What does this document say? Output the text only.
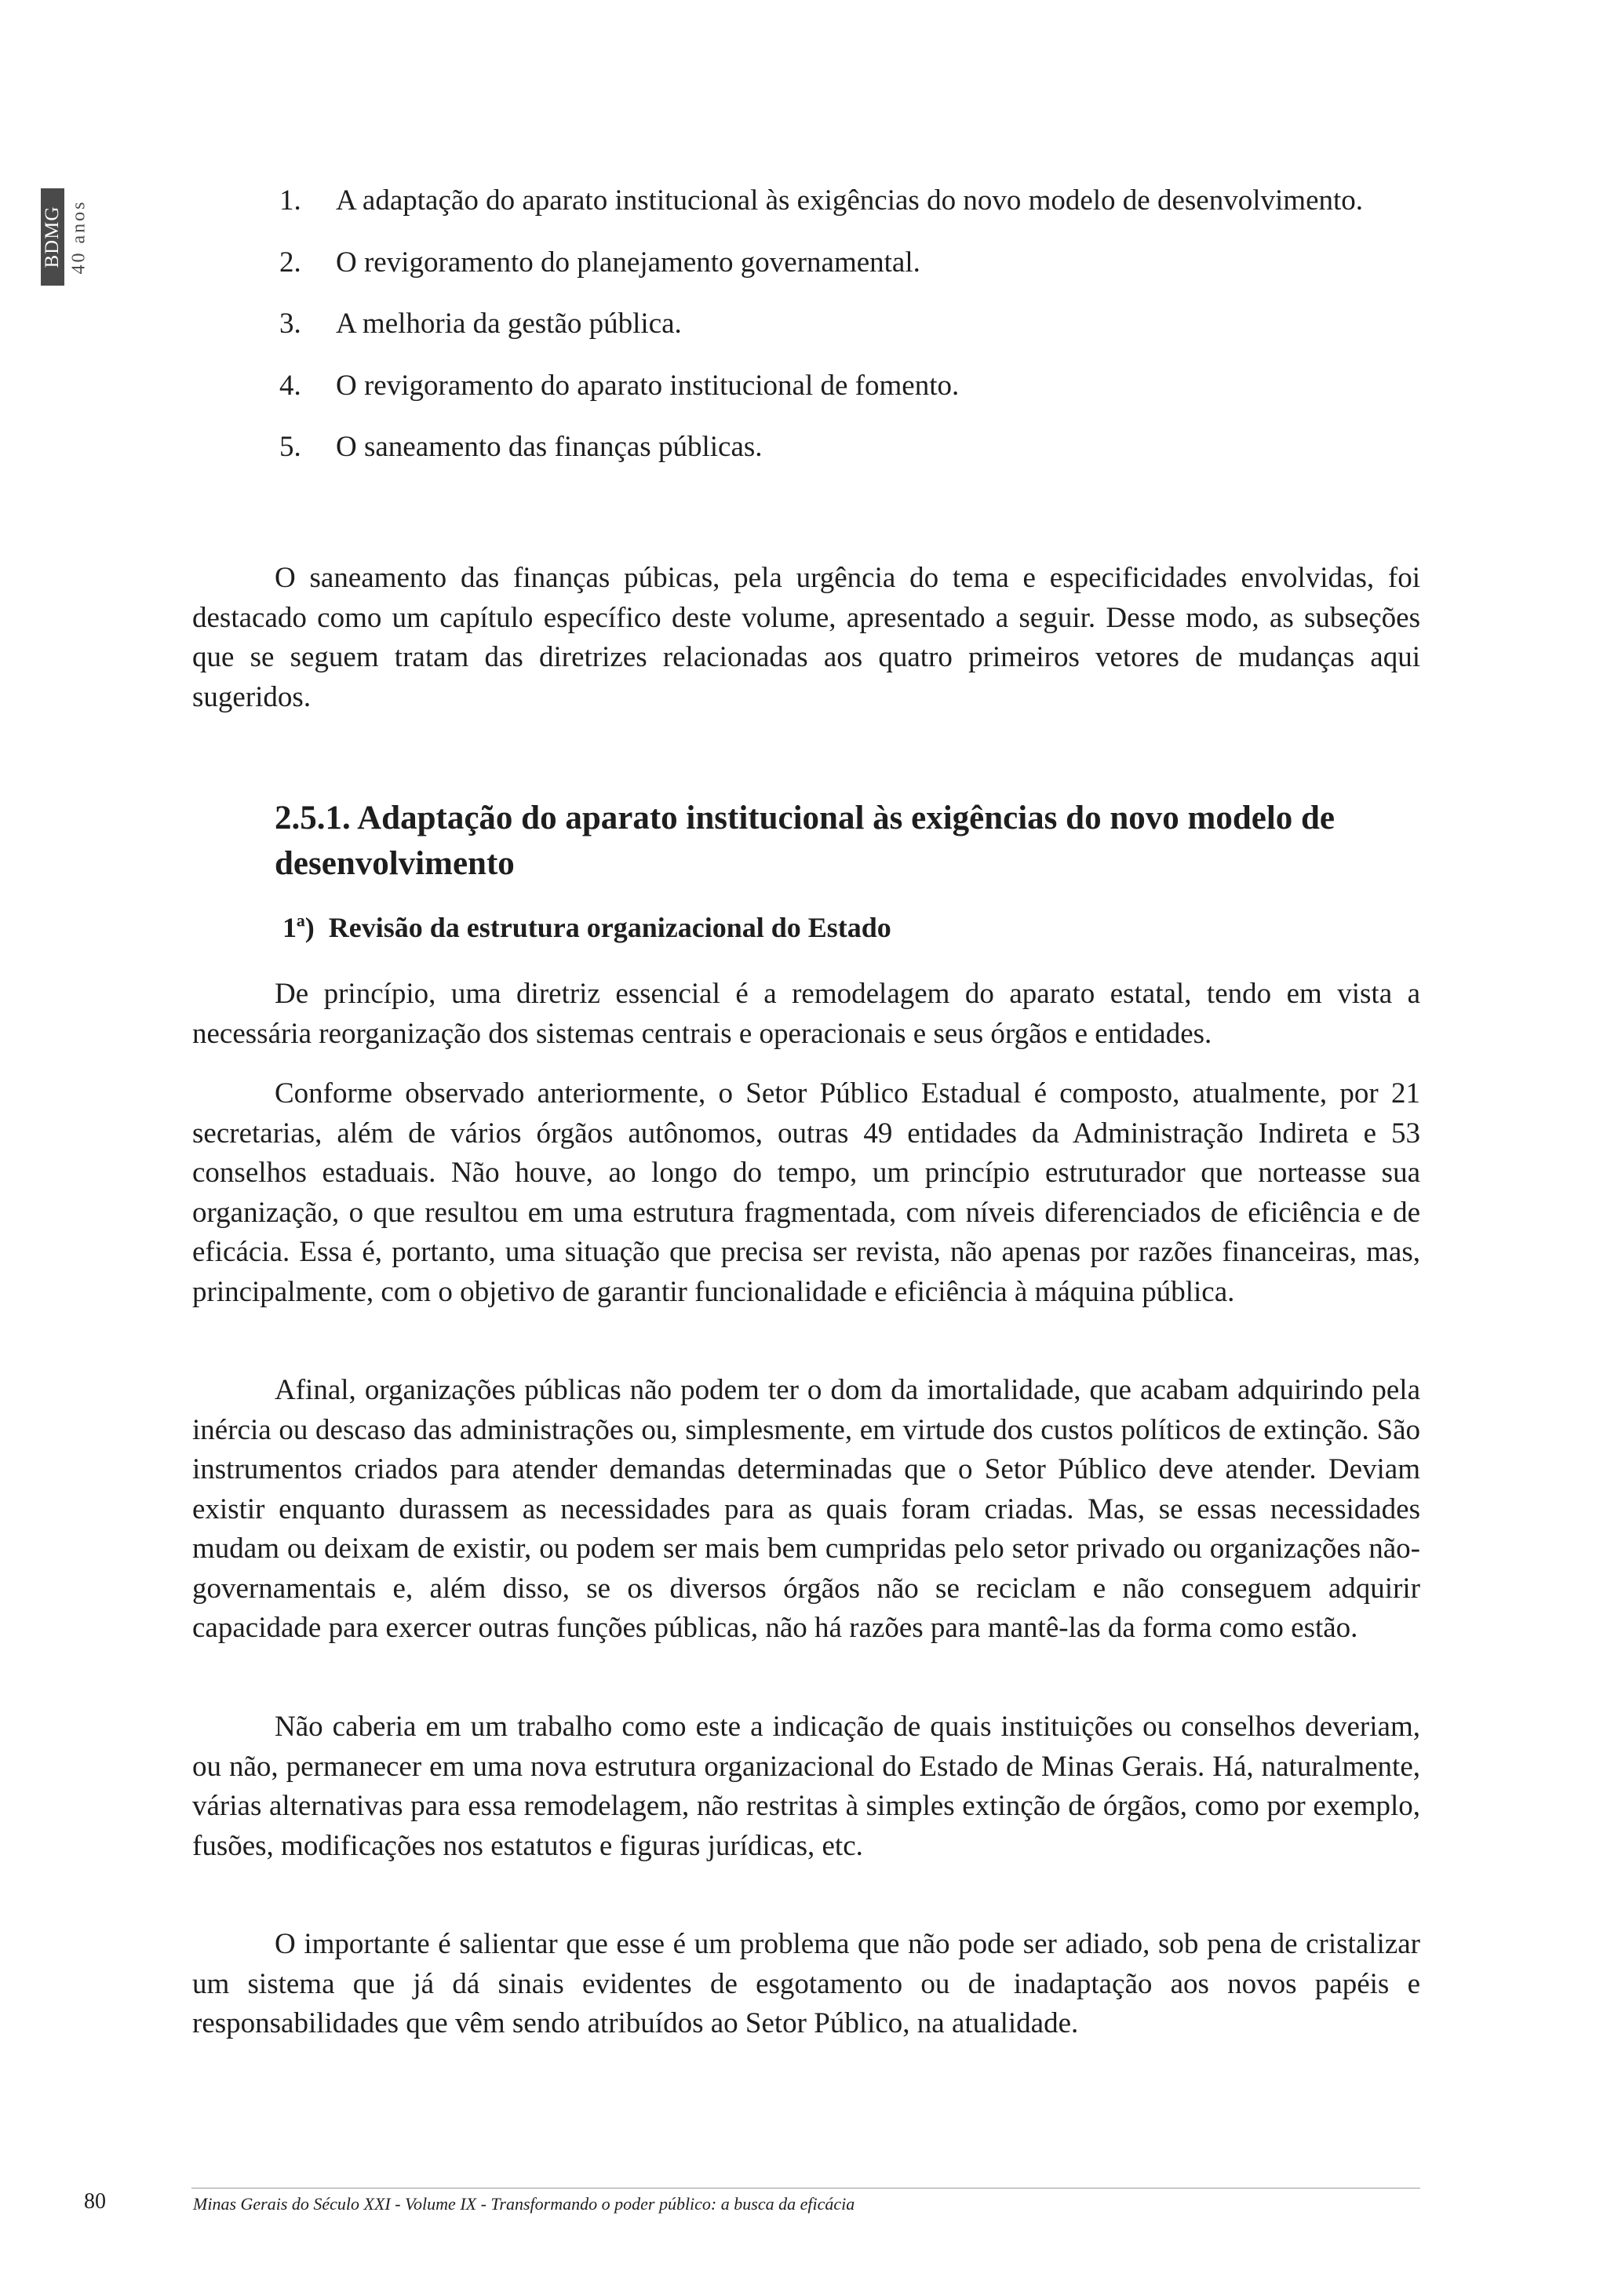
BDMG 40 anos	1. A adaptação do aparato institucional às exigências do novo modelo de desenvolvimento.
2. O revigoramento do planejamento governamental.
3. A melhoria da gestão pública.
4. O revigoramento do aparato institucional de fomento.
5. O saneamento das finanças públicas.

O saneamento das finanças púbicas, pela urgência do tema e especificidades envolvidas, foi destacado como um capítulo específico deste volume, apresentado a seguir. Desse modo, as subseções que se seguem tratam das diretrizes relacionadas aos quatro primeiros vetores de mudanças aqui sugeridos.

2.5.1. Adaptação do aparato institucional às exigências do novo modelo de desenvolvimento
1ª) Revisão da estrutura organizacional do Estado

De princípio, uma diretriz essencial é a remodelagem do aparato estatal, tendo em vista a necessária reorganização dos sistemas centrais e operacionais e seus órgãos e entidades.

Conforme observado anteriormente, o Setor Público Estadual é composto, atualmente, por 21 secretarias, além de vários órgãos autônomos, outras 49 entidades da Administração Indireta e 53 conselhos estaduais. Não houve, ao longo do tempo, um princípio estruturador que norteasse sua organização, o que resultou em uma estrutura fragmentada, com níveis diferenciados de eficiência e de eficácia. Essa é, portanto, uma situação que precisa ser revista, não apenas por razões financeiras, mas, principalmente, com o objetivo de garantir funcionalidade e eficiência à máquina pública.

Afinal, organizações públicas não podem ter o dom da imortalidade, que acabam adquirindo pela inércia ou descaso das administrações ou, simplesmente, em virtude dos custos políticos de extinção. São instrumentos criados para atender demandas determinadas que o Setor Público deve atender. Deviam existir enquanto durassem as necessidades para as quais foram criadas. Mas, se essas necessidades mudam ou deixam de existir, ou podem ser mais bem cumpridas pelo setor privado ou organizações não-governamentais e, além disso, se os diversos órgãos não se reciclam e não conseguem adquirir capacidade para exercer outras funções públicas, não há razões para mantê-las da forma como estão.

Não caberia em um trabalho como este a indicação de quais instituições ou conselhos deveriam, ou não, permanecer em uma nova estrutura organizacional do Estado de Minas Gerais. Há, naturalmente, várias alternativas para essa remodelagem, não restritas à simples extinção de órgãos, como por exemplo, fusões, modificações nos estatutos e figuras jurídicas, etc.

O importante é salientar que esse é um problema que não pode ser adiado, sob pena de cristalizar um sistema que já dá sinais evidentes de esgotamento ou de inadaptação aos novos papéis e responsabilidades que vêm sendo atribuídos ao Setor Público, na atualidade.

80	Minas Gerais do Século XXI - Volume IX - Transformando o poder público: a busca da eficácia
